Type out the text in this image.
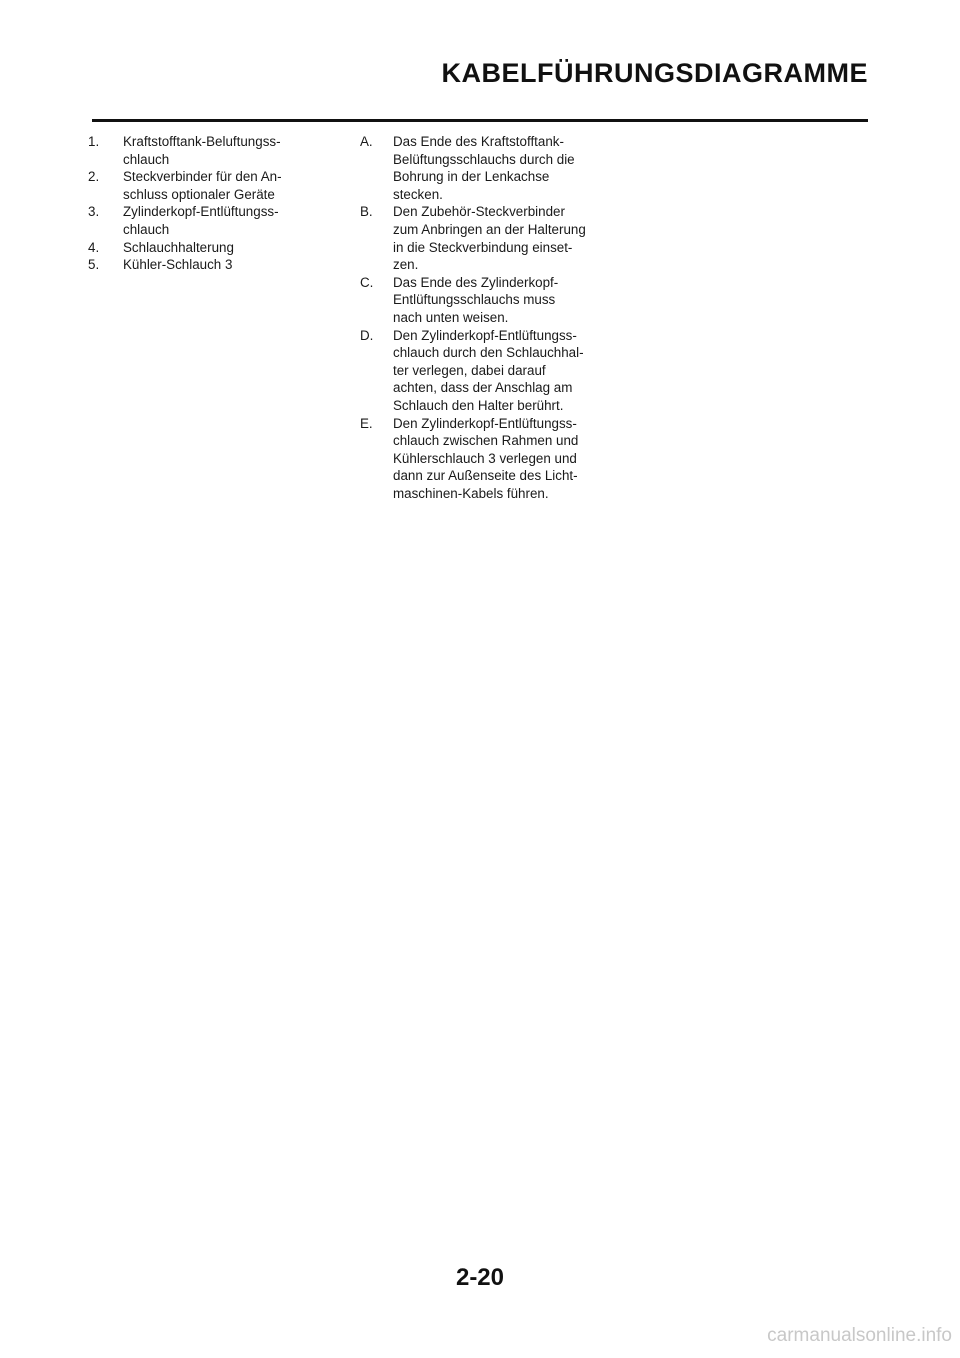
KABELFÜHRUNGSDIAGRAMME
1. Kraftstofftank-Beluftungss-
chlauch
2. Steckverbinder für den An-
schluss optionaler Geräte
3. Zylinderkopf-Entlüftungss-
chlauch
4. Schlauchhalterung
5. Kühler-Schlauch 3
A. Das Ende des Kraftstofftank-
Belüftungsschlauchs durch die
Bohrung in der Lenkachse
stecken.
B. Den Zubehör-Steckverbinder
zum Anbringen an der Halterung
in die Steckverbindung einset-
zen.
C. Das Ende des Zylinderkopf-
Entlüftungsschlauchs muss
nach unten weisen.
D. Den Zylinderkopf-Entlüftungss-
chlauch durch den Schlauchhal-
ter verlegen, dabei darauf
achten, dass der Anschlag am
Schlauch den Halter berührt.
E. Den Zylinderkopf-Entlüftungss-
chlauch zwischen Rahmen und
Kühlerschlauch 3 verlegen und
dann zur Außenseite des Licht-
maschinen-Kabels führen.
2-20
carmanualsonline.info
